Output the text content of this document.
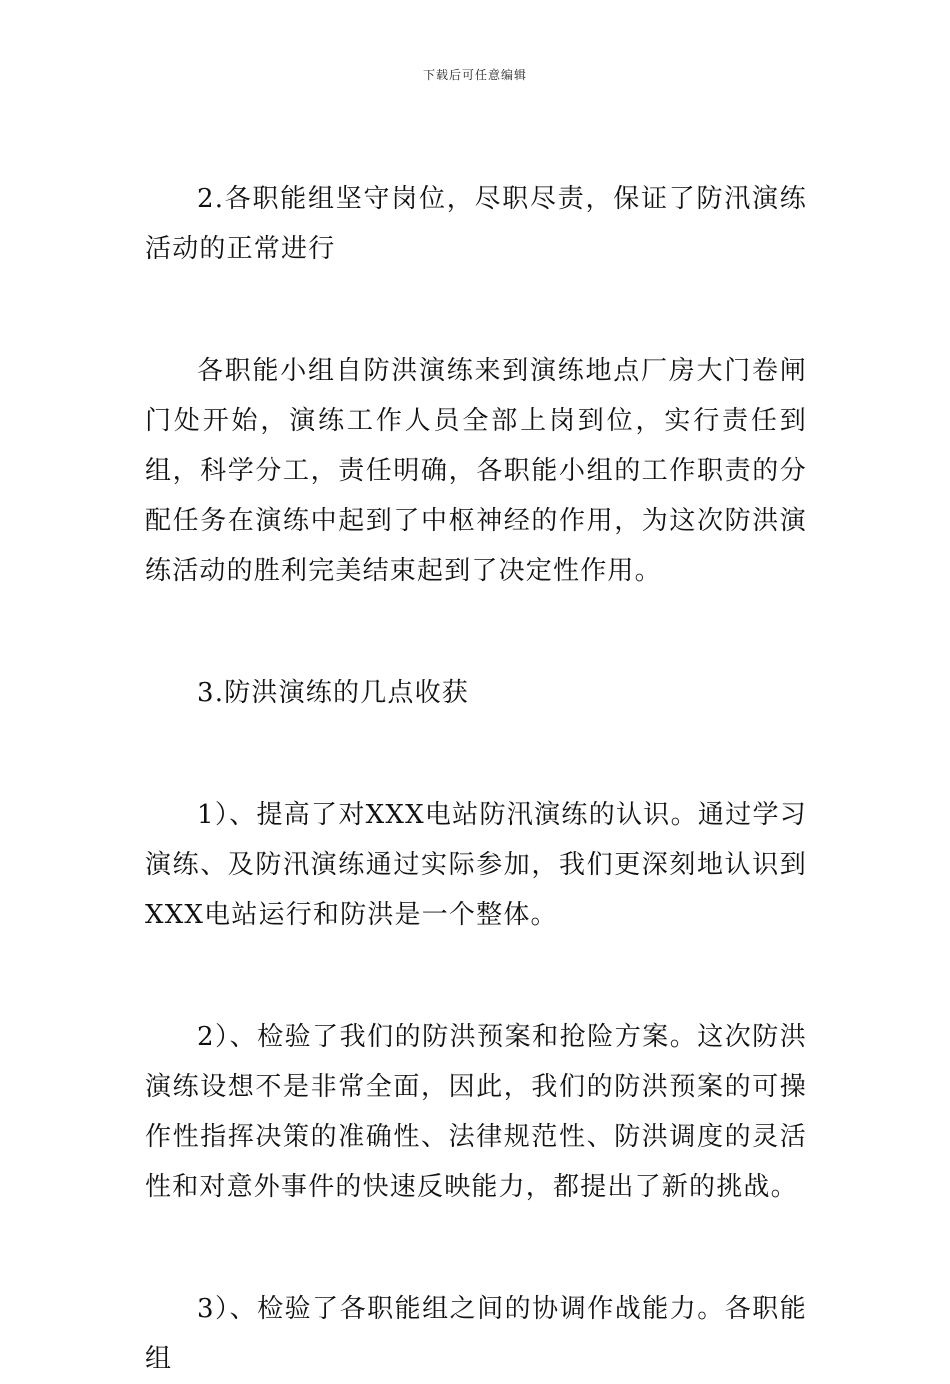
下载后可任意编辑

2.各职能组坚守岗位，尽职尽责，保证了防汛演练活动的正常进行

各职能小组自防洪演练来到演练地点厂房大门卷闸门处开始，演练工作人员全部上岗到位，实行责任到组，科学分工，责任明确，各职能小组的工作职责的分配任务在演练中起到了中枢神经的作用，为这次防洪演练活动的胜利完美结束起到了决定性作用。

3.防洪演练的几点收获

1）、提高了对XXX电站防汛演练的认识。通过学习演练、及防汛演练通过实际参加，我们更深刻地认识到XXX电站运行和防洪是一个整体。

2）、检验了我们的防洪预案和抢险方案。这次防洪演练设想不是非常全面，因此，我们的防洪预案的可操作性指挥决策的准确性、法律规范性、防洪调度的灵活性和对意外事件的快速反映能力，都提出了新的挑战。

3）、检验了各职能组之间的协调作战能力。各职能组
